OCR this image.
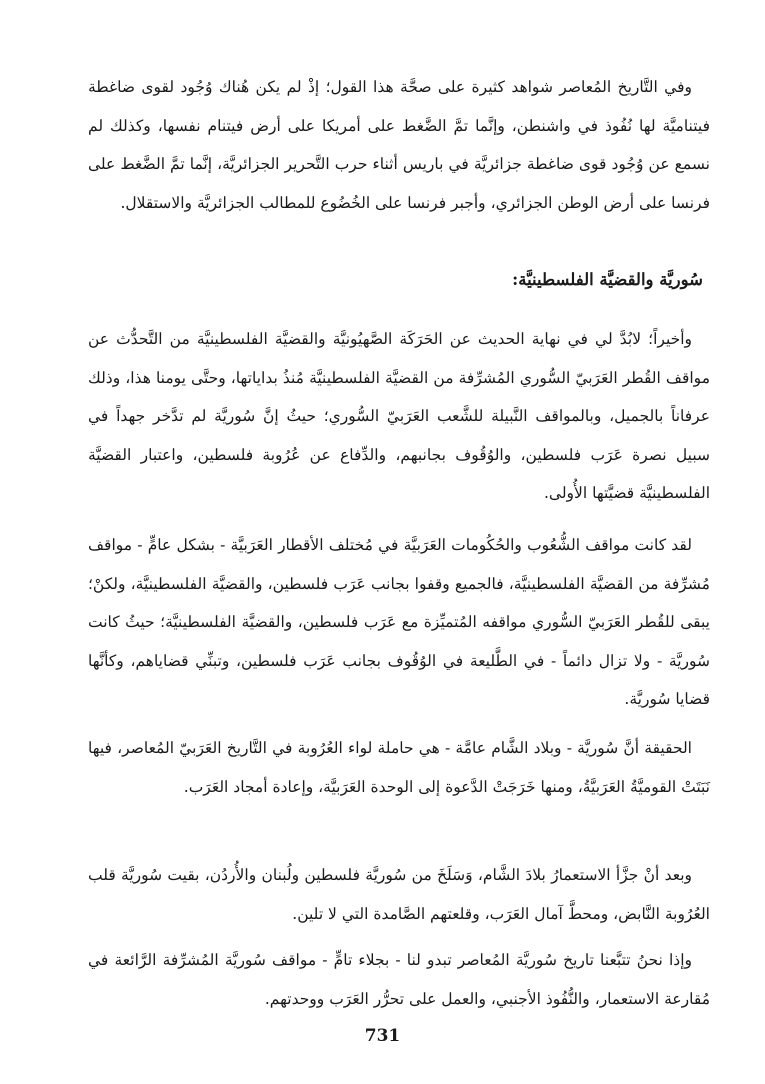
وفي التَّاريخ المُعاصر شواهد كثيرة على صحَّة هذا القول؛ إذْ لم يكن هُناك وُجُود لقوى ضاغطة فيتناميَّة لها نُفُوذ في واشنطن، وإنَّما تمَّ الضَّغط على أمريكا على أرض فيتنام نفسها، وكذلك لم نسمع عن وُجُود قوى ضاغطة جزائريَّة في باريس أثناء حرب التَّحرير الجزائريَّة، إنَّما تمَّ الضَّغط على فرنسا على أرض الوطن الجزائري، وأجبر فرنسا على الخُضُوع للمطالب الجزائريَّة والاستقلال.

سُوريَّة والقضيَّة الفلسطينيَّة:

وأخيراً؛ لابُدَّ لي في نهاية الحديث عن الحَرَكَة الصَّهيُونيَّة والقضيَّة الفلسطينيَّة من التَّحدُّث عن مواقف القُطر العَرَبيّ السُّوري المُشرِّفة من القضيَّة الفلسطينيَّة مُنذُ بداياتها، وحتَّى يومنا هذا، وذلك عرفاناً بالجميل، وبالمواقف النَّبيلة للشَّعب العَرَبيّ السُّوري؛ حيثُ إنَّ سُوريَّة لم تدَّخر جهداً في سبيل نصرة عَرَب فلسطين، والوُقُوف بجانبهم، والدِّفاع عن عُرُوبة فلسطين، واعتبار القضيَّة الفلسطينيَّة قضيَّتها الأُولى.

لقد كانت مواقف الشُّعُوب والحُكُومات العَرَبيَّة في مُختلف الأقطار العَرَبيَّة - بشكل عامٍّ - مواقف مُشرِّفة من القضيَّة الفلسطينيَّة، فالجميع وقفوا بجانب عَرَب فلسطين، والقضيَّة الفلسطينيَّة، ولكنْ؛ يبقى للقُطر العَرَبيّ السُّوري مواقفه المُتميِّزة مع عَرَب فلسطين، والقضيَّة الفلسطينيَّة؛ حيثُ كانت سُوريَّة - ولا تزال دائماً - في الطَّليعة في الوُقُوف بجانب عَرَب فلسطين، وتبنِّي قضاياهم، وكأنَّها قضايا سُوريَّة.

الحقيقة أنَّ سُوريَّة - وبلاد الشَّام عامَّة - هي حاملة لواء العُرُوبة في التَّاريخ العَرَبيّ المُعاصر، فيها نَبَتَتْ القوميَّةُ العَرَبيَّةُ، ومنها خَرَجَتْ الدَّعوة إلى الوحدة العَرَبيَّة، وإعادة أمجاد العَرَب.

وبعد أنْ جزَّأ الاستعمارُ بلادَ الشَّام، وَسَلَخَ من سُوريَّة فلسطين ولُبنان والأُردُن، بقيت سُوريَّة قلب العُرُوبة النَّابض، ومحطَّ آمال العَرَب، وقلعتهم الصَّامدة التي لا تلين.

وإذا نحنُ تتبَّعنا تاريخ سُوريَّة المُعاصر تبدو لنا - بجلاء تامٍّ - مواقف سُوريَّة المُشرِّفة الرَّائعة في مُقارعة الاستعمار، والنُّفُوذ الأجنبي، والعمل على تحرُّر العَرَب ووحدتهم.

731
